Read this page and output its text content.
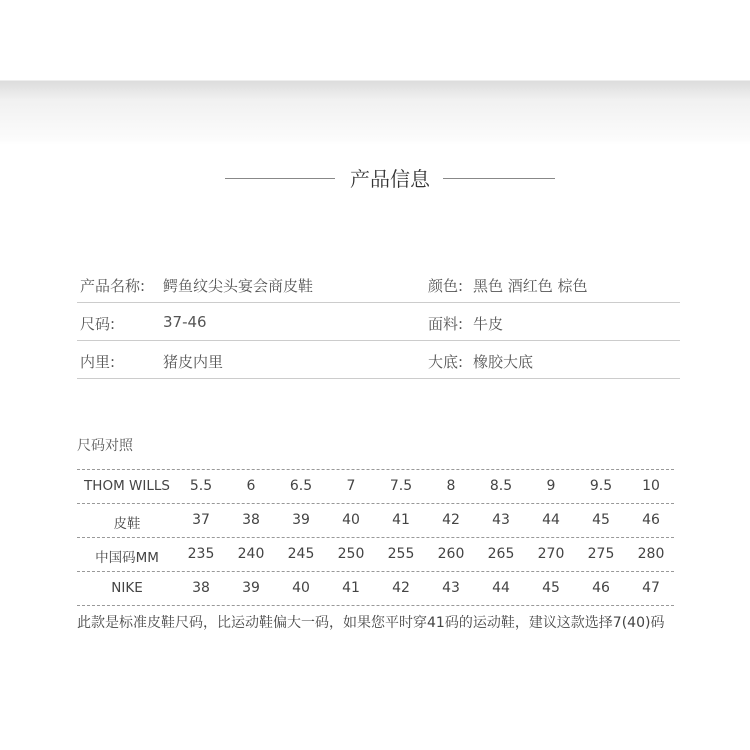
产品信息
产品名称: 鳄鱼纹尖头宴会商皮鞋	颜色: 黑色 酒红色 棕色
尺码:	37-46	面料: 牛皮
内里:	猪皮内里	大底: 橡胶大底
尺码对照
THOM WILLS	5.5	6	6.5	7	7.5	8	8.5	9	9.5	10
皮鞋	37	38	39	40	41	42	43	44	45	46
中国码MM	235	240	245	250	255	260	265	270	275	280
NIKE	38	39	40	41	42	43	44	45	46	47
此款是标准皮鞋尺码，比运动鞋偏大一码，如果您平时穿41码的运动鞋，建议这款选择7(40)码
